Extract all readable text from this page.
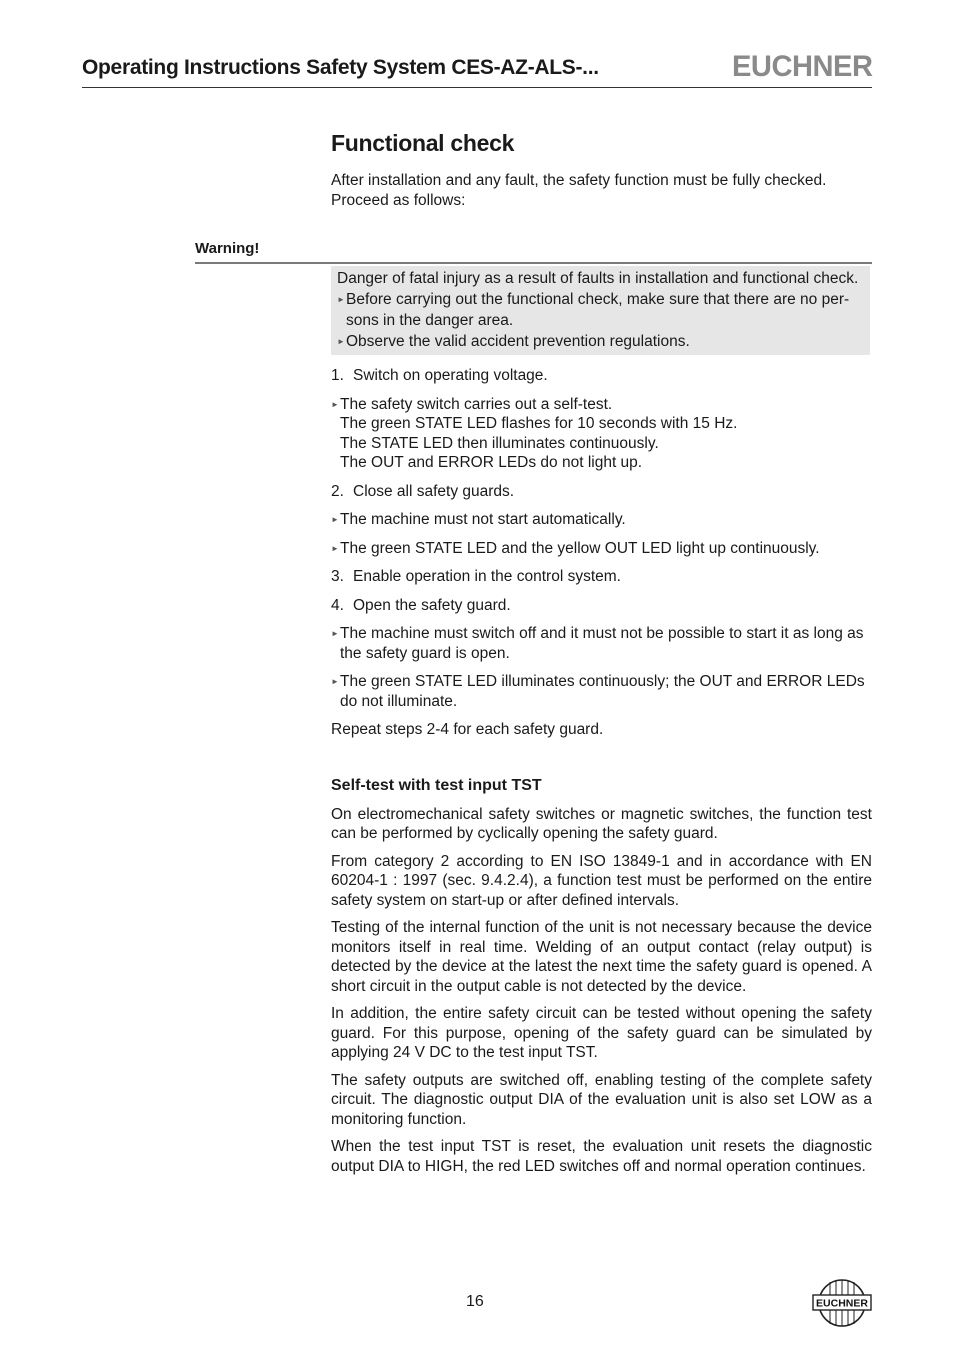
Operating Instructions Safety System CES-AZ-ALS-...	EUCHNER
Functional check

After installation and any fault, the safety function must be fully checked. Proceed as follows:

Warning!
Danger of fatal injury as a result of faults in installation and functional check.
► Before carrying out the functional check, make sure that there are no per-sons in the danger area.
► Observe the valid accident prevention regulations.
1. Switch on operating voltage.
► The safety switch carries out a self-test.
The green STATE LED flashes for 10 seconds with 15 Hz.
The STATE LED then illuminates continuously.
The OUT and ERROR LEDs do not light up.
2. Close all safety guards.
► The machine must not start automatically.
► The green STATE LED and the yellow OUT LED light up continuously.
3. Enable operation in the control system.
4. Open the safety guard.
► The machine must switch off and it must not be possible to start it as long as the safety guard is open.
► The green STATE LED illuminates continuously; the OUT and ERROR LEDs do not illuminate.

Repeat steps 2-4 for each safety guard.

Self-test with test input TST

On electromechanical safety switches or magnetic switches, the function test can be performed by cyclically opening the safety guard.

From category 2 according to EN ISO 13849-1 and in accordance with EN 60204-1 : 1997 (sec. 9.4.2.4), a function test must be performed on the entire safety system on start-up or after defined intervals.

Testing of the internal function of the unit is not necessary because the device monitors itself in real time. Welding of an output contact (relay output) is detected by the device at the latest the next time the safety guard is opened. A short circuit in the output cable is not detected by the device.

In addition, the entire safety circuit can be tested without opening the safety guard. For this purpose, opening of the safety guard can be simulated by applying 24 V DC to the test input TST.

The safety outputs are switched off, enabling testing of the complete safety circuit. The diagnostic output DIA of the evaluation unit is also set LOW as a monitoring function.

When the test input TST is reset, the evaluation unit resets the diagnostic output DIA to HIGH, the red LED switches off and normal operation continues.

16	EUCHNER
